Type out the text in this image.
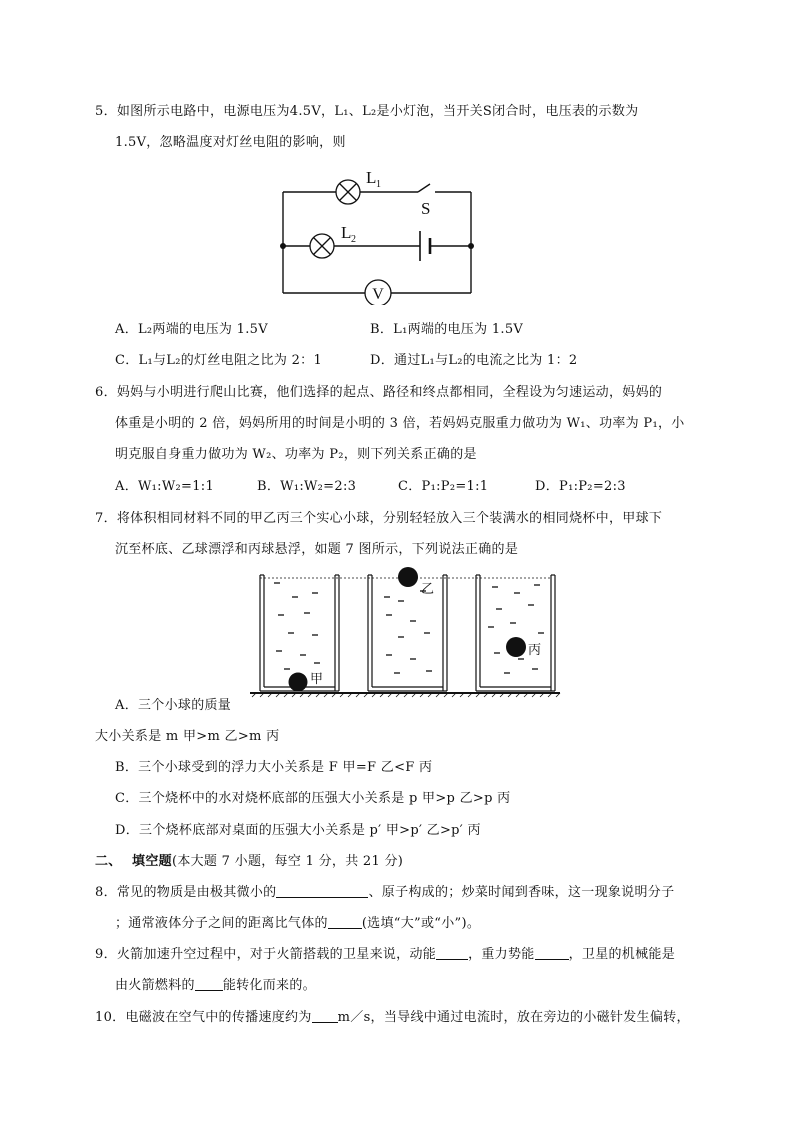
5．如图所示电路中，电源电压为4.5V，L₁、L₂是小灯泡，当开关S闭合时，电压表的示数为
1.5V，忽略温度对灯丝电阻的影响，则
V
L 1
L 2
S
A．L₂两端的电压为 1.5V	B．L₁两端的电压为 1.5V
C．L₁与L₂的灯丝电阻之比为 2：1	D．通过L₁与L₂的电流之比为 1：2
6．妈妈与小明进行爬山比赛，他们选择的起点、路径和终点都相同，全程设为匀速运动，妈妈的
体重是小明的 2 倍，妈妈所用的时间是小明的 3 倍，若妈妈克服重力做功为 W₁、功率为 P₁，小
明克服自身重力做功为 W₂、功率为 P₂，则下列关系正确的是
A．W₁:W₂=1:1	B．W₁:W₂=2:3	C．P₁:P₂=1:1	D．P₁:P₂=2:3
7．将体积相同材料不同的甲乙丙三个实心小球，分别轻轻放入三个装满水的相同烧杯中，甲球下
沉至杯底、乙球漂浮和丙球悬浮，如题 7 图所示，下列说法正确的是
甲
乙
丙
A．三个小球的质量
大小关系是 m 甲>m 乙>m 丙
B．三个小球受到的浮力大小关系是 F 甲=F 乙<F 丙
C．三个烧杯中的水对烧杯底部的压强大小关系是 p 甲>p 乙>p 丙
D．三个烧杯底部对桌面的压强大小关系是 p′ 甲>p′ 乙>p′ 丙
二、 填空题(本大题 7 小题，每空 1 分，共 21 分)
8．常见的物质是由极其微小的	、原子构成的；炒菜时闻到香味，这一现象说明分子
；通常液体分子之间的距离比气体的	(选填“大”或“小”)。
9．火箭加速升空过程中，对于火箭搭载的卫星来说，动能 ，重力势能	，卫星的机械能是
由火箭燃料的 能转化而来的。
10．电磁波在空气中的传播速度约为 m／s，当导线中通过电流时，放在旁边的小磁针发生偏转，
